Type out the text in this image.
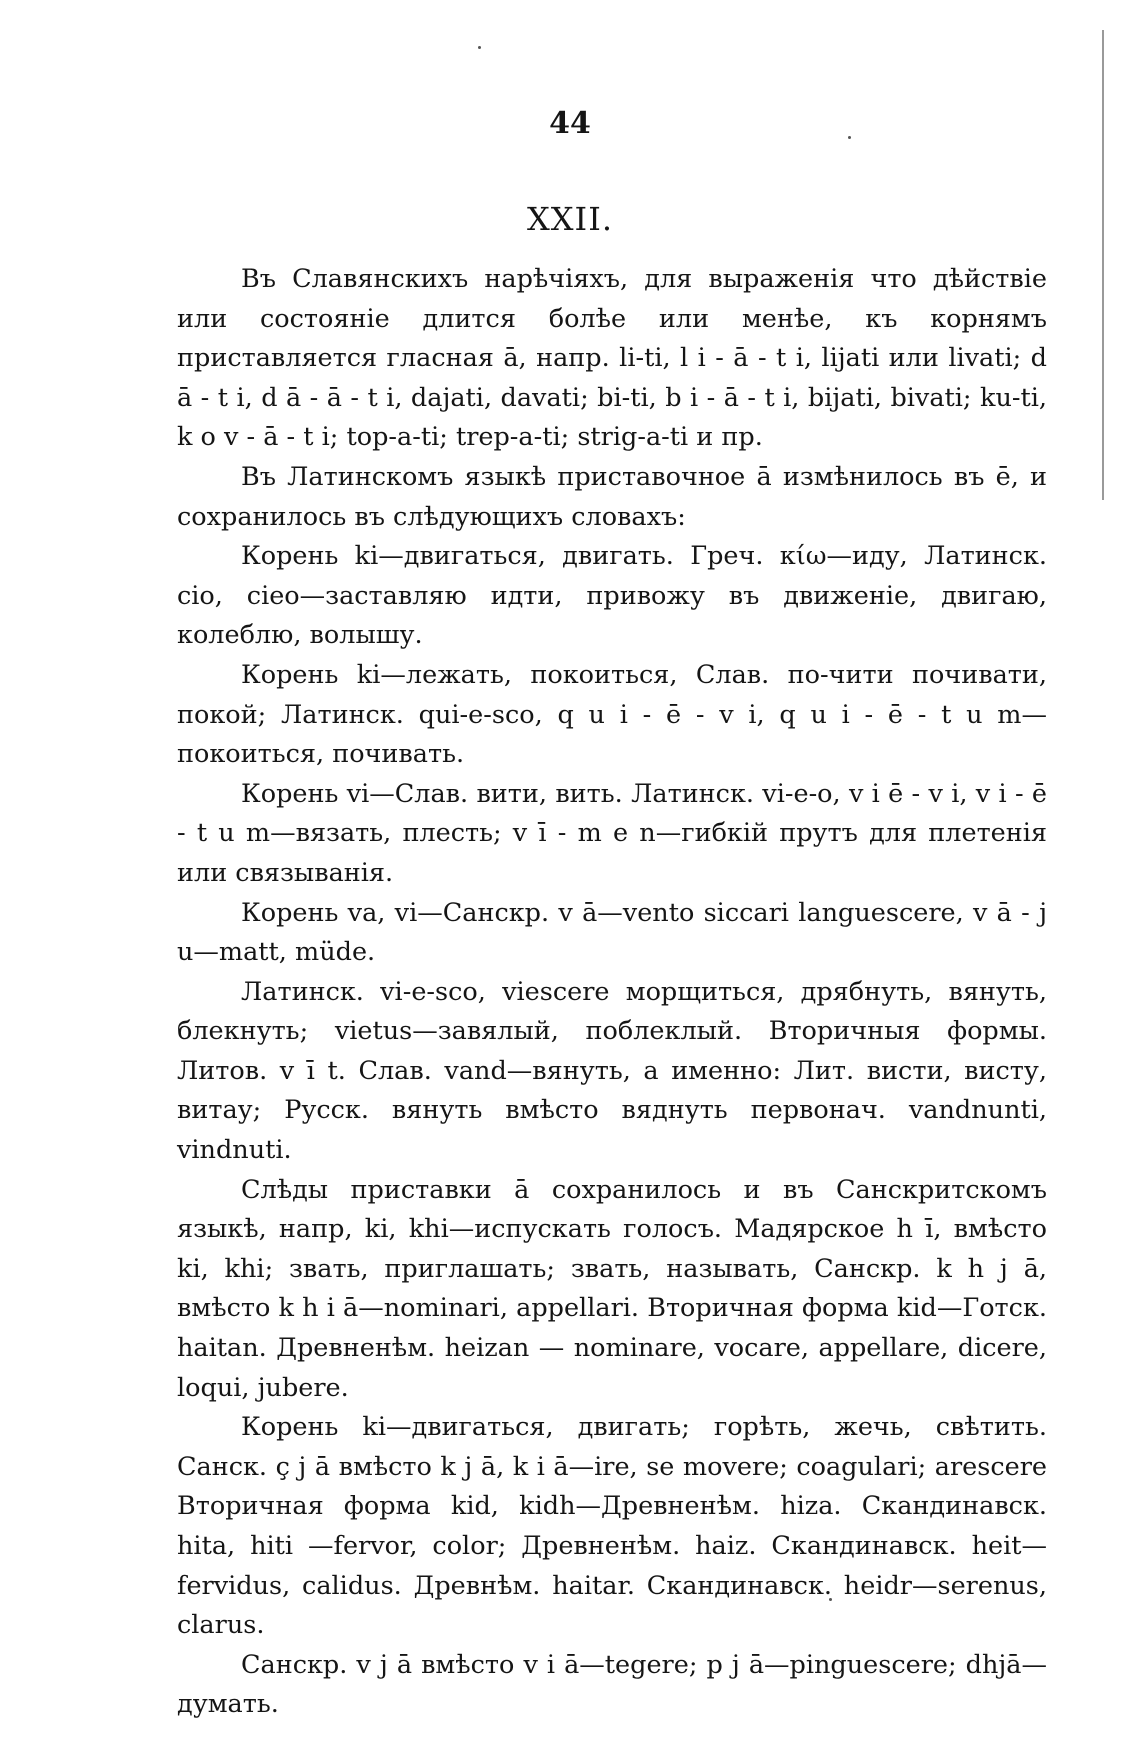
44
XXII.

Въ Славянскихъ нарѣчіяхъ, для выраженія что дѣйствіе или состояніе длится болѣе или менѣе, къ корнямъ приставляется гласная ā, напр. li-ti, l i - ā - t i, lijati или livati; d ā - t i, d ā - ā - t i, dajati, davati; bi-ti, b i - ā - t i, bijati, bivati; ku-ti, k o v - ā - t i; top-a-ti; trep-a-ti; strig-a-ti и пр.

Въ Латинскомъ языкѣ приставочное ā измѣнилось въ ē, и сохранилось въ слѣдующихъ словахъ:

Корень ki—двигаться, двигать. Греч. κίω—иду, Латинск. cio, cieo—заставляю идти, привожу въ движеніе, двигаю, колеблю, волышу.

Корень ki—лежать, покоиться, Слав. по-чити почивати, покой; Латинск. qui-e-sco, q u i - ē - v i, q u i - ē - t u m—покоиться, почивать.

Корень vi—Слав. вити, вить. Латинск. vi-e-o, v i ē - v i, v i - ē - t u m—вязать, плесть; v ī - m e n—гибкій прутъ для плетенія или связыванія.

Корень va, vi—Санскр. v ā—vento siccari languescere, v ā - j u—matt, müde.

Латинск. vi-e-sco, viescere морщиться, дрябнуть, вянуть, блекнуть; vietus—завялый, поблеклый. Вторичныя формы. Литов. v ī t. Слав. vand—вянуть, а именно: Лит. висти, висту, витау; Русск. вянуть вмѣсто вяднуть первонач. vandnunti, vindnuti.

Слѣды приставки ā сохранилось и въ Санскритскомъ языкѣ, напр, ki, khi—испускать голосъ. Мадярское h ī, вмѣсто ki, khi; звать, приглашать; звать, называть, Санскр. k h j ā, вмѣсто k h i ā—nominari, appellari. Вторичная форма kid—Готск. haitan. Древненѣм. heizan — nominare, vocare, appellare, dicere, loqui, jubere.

Корень ki—двигаться, двигать; горѣть, жечь, свѣтить. Санск. ç j ā вмѣсто k j ā, k i ā—ire, se movere; coagulari; arescere Вторичная форма kid, kidh—Древненѣм. hiza. Скандинавск. hita, hiti —fervor, color; Древненѣм. haiz. Скандинавск. heit—fervidus, calidus. Древнѣм. haitar. Скандинавск. heidr—serenus, clarus.

Санскр. v j ā вмѣсто v i ā—tegere; p j ā—pinguescere; dhjā—думать.
